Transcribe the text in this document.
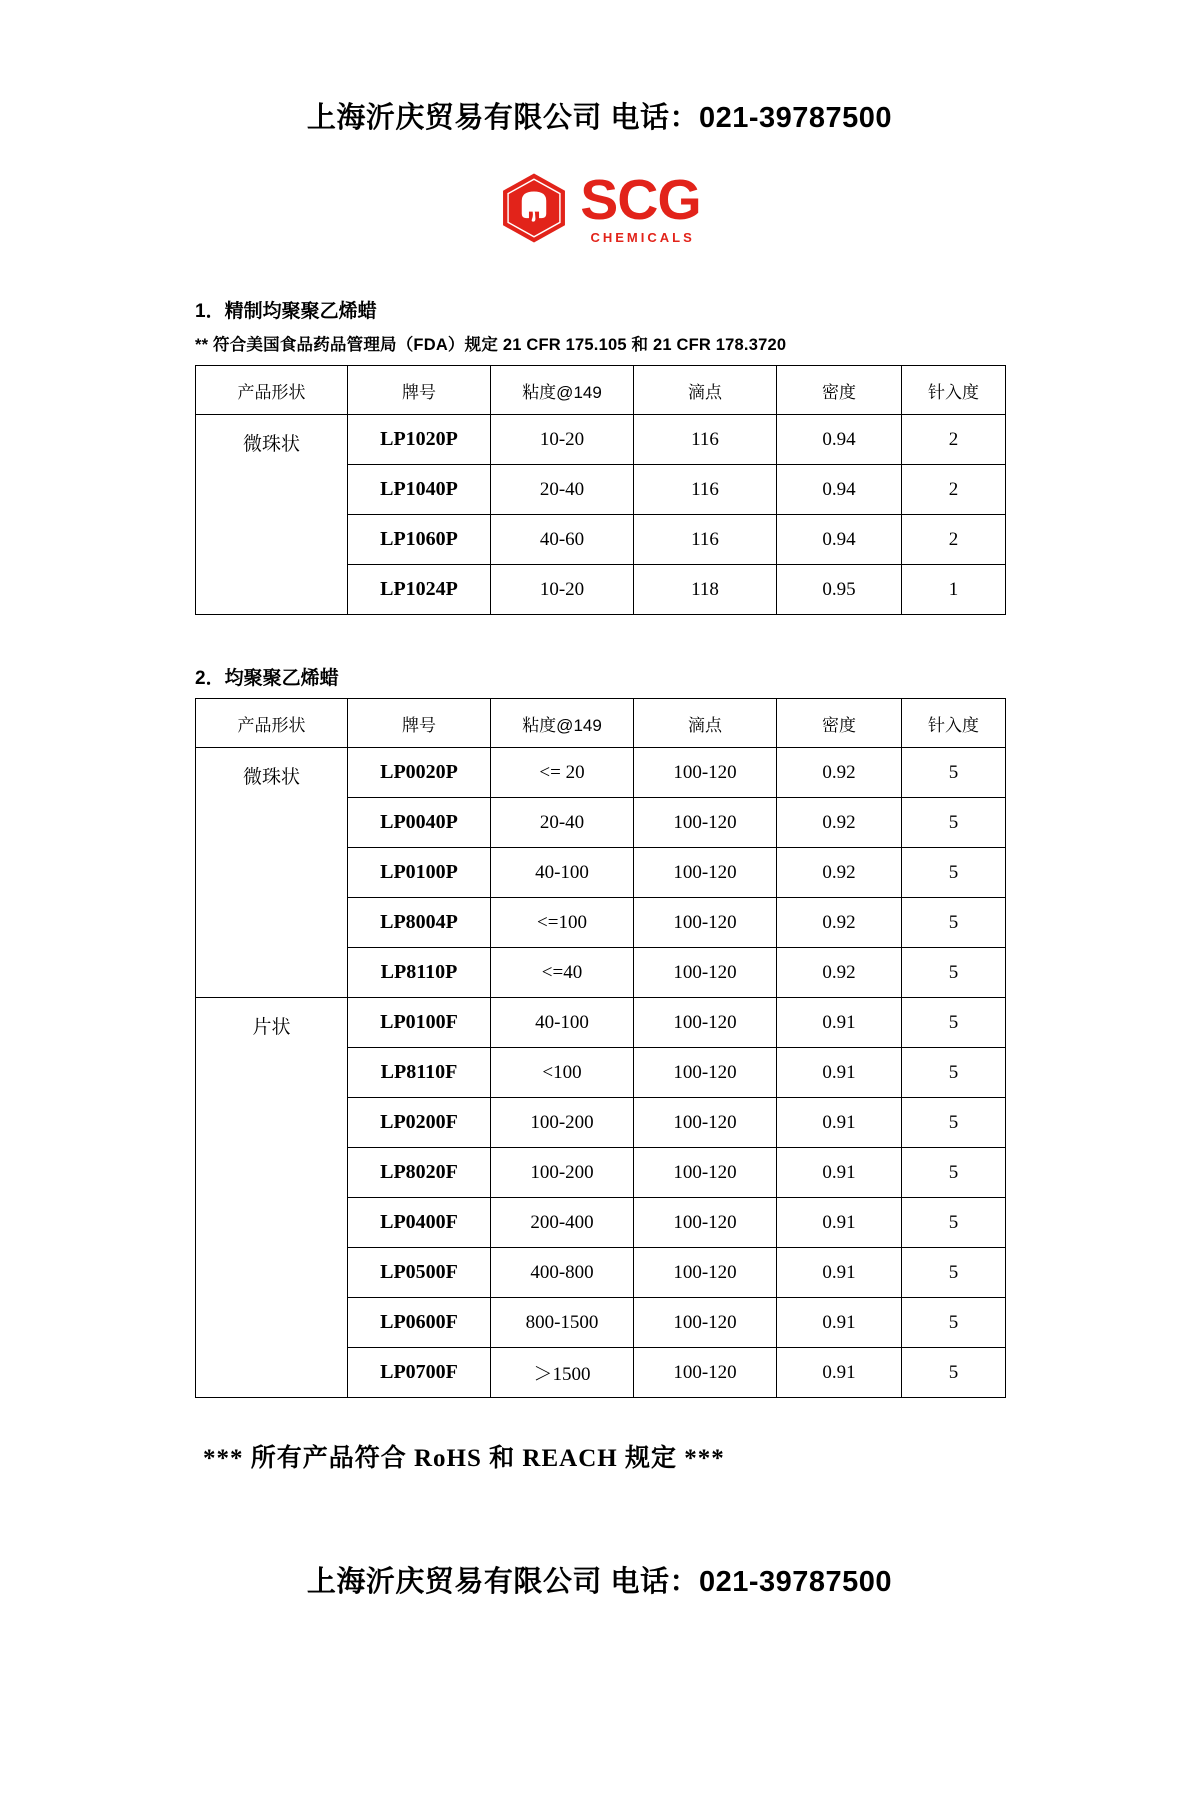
上海沂庆贸易有限公司 电话：021-39787500
SCG
CHEMICALS
1．精制均聚聚乙烯蜡
** 符合美国食品药品管理局（FDA）规定 21 CFR 175.105 和 21 CFR 178.3720
产品形状	牌号	粘度@149	滴点	密度	针入度
微珠状	LP1020P	10-20	116	0.94	2
	LP1040P	20-40	116	0.94	2
	LP1060P	40-60	116	0.94	2
	LP1024P	10-20	118	0.95	1
2．均聚聚乙烯蜡
产品形状	牌号	粘度@149	滴点	密度	针入度
微珠状	LP0020P	<= 20	100-120	0.92	5
	LP0040P	20-40	100-120	0.92	5
	LP0100P	40-100	100-120	0.92	5
	LP8004P	<=100	100-120	0.92	5
	LP8110P	<=40	100-120	0.92	5
片状	LP0100F	40-100	100-120	0.91	5
	LP8110F	<100	100-120	0.91	5
	LP0200F	100-200	100-120	0.91	5
	LP8020F	100-200	100-120	0.91	5
	LP0400F	200-400	100-120	0.91	5
	LP0500F	400-800	100-120	0.91	5
	LP0600F	800-1500	100-120	0.91	5
	LP0700F	＞1500	100-120	0.91	5
*** 所有产品符合 RoHS 和 REACH 规定 ***
上海沂庆贸易有限公司 电话：021-39787500
